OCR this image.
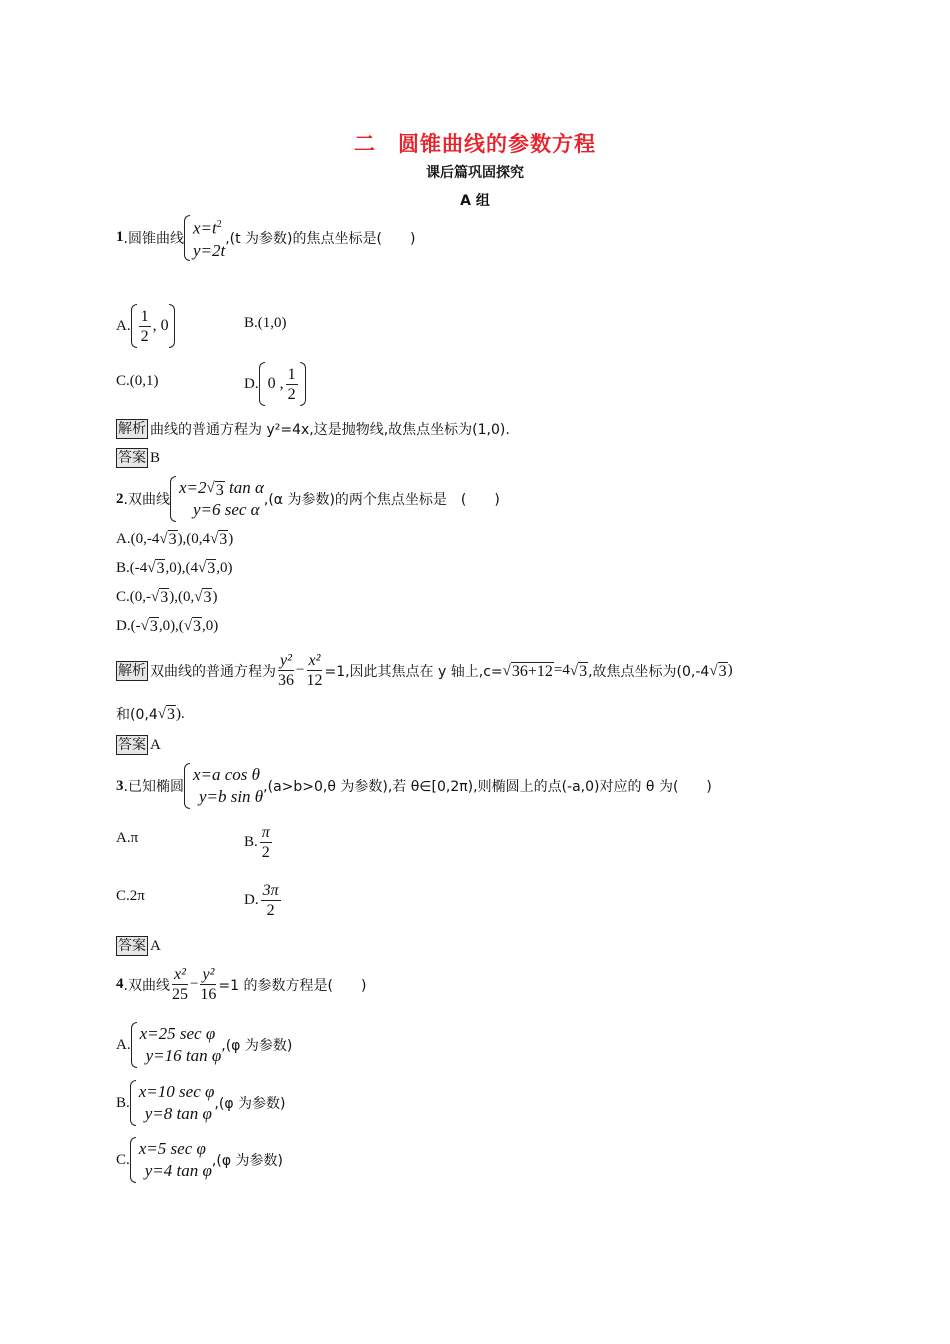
二 圆锥曲线的参数方程
课后篇巩固探究
A 组
1 .圆锥曲线
$x=t^2$
y=2t
,(t 为参数)的焦点坐标是(　　)
A. $\frac{1}{2}$ , 0	B.(1,0)
C.(0,1)	D. 0 , $\frac{1}{2}$
解析 曲线的普通方程为 y²=4x,这是抛物线,故焦点坐标为(1,0).
答案 B
2 .双曲线
x=2 √ 3
tan α
y=6 sec α ,(α 为参数)的两个焦点坐标是　(　　)
A.(0,-4 √ 3 ),(0,4 √ 3 )
B.(-4 √ 3 ,0),(4 √ 3 ,0)
C.(0,- √ 3 ),(0, √ 3 )
D.(- √ 3 ,0),( √ 3 ,0)
解析 双曲线的普通方程为 $\frac{\text{y²}}{36} - \frac{\text{x²}}{12} =1$,因此其焦点在 y 轴上,c= √ 36+12 =4 √ 3 ,故焦点坐标为(0,-4 √ 3 )
和(0,4 √ 3 ).
答案 A
3 .已知椭圆
x=a cos θ
y=b sin θ ,(a>b>0,θ 为参数),若 θ∈[0,2π),则椭圆上的点(-a,0)对应的 θ 为(　　)
A.π	B. $\frac{\pi}{2}$
C.2π	D. $\frac{3\pi}{2}$
答案 A
4 .双曲线 $\frac{\text{x²}}{25} - \frac{\text{y²}}{16} =1$ 的参数方程是(　　)
A.
x=25 sec φ
y=16 tan φ ,(φ 为参数)
B.
x=10 sec φ
y=8 tan φ ,(φ 为参数)
C.
x=5 sec φ
y=4 tan φ ,(φ 为参数)
